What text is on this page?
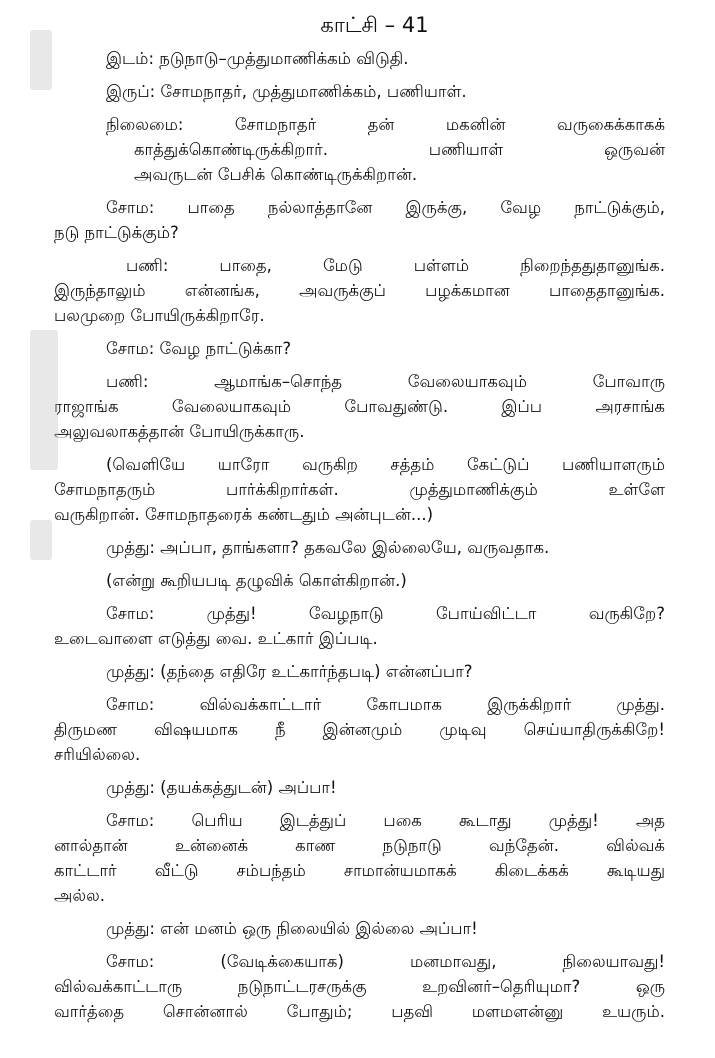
காட்சி – 41
இடம்: நடுநாடு–முத்துமாணிக்கம் விடுதி.
இருப்: சோமநாதர், முத்துமாணிக்கம், பணியாள்.
நிலைமை: சோமநாதர் தன் மகனின் வருகைக்காகக்
காத்துக்கொண்டிருக்கிறார். பணியாள் ஒருவன்
அவருடன் பேசிக் கொண்டிருக்கிறான்.
சோம: பாதை நல்லாத்தானே இருக்கு, வேழ நாட்டுக்கும்,
நடு நாட்டுக்கும்?
பணி: பாதை, மேடு பள்ளம் நிறைந்ததுதானுங்க.
இருந்தாலும் என்னங்க, அவருக்குப் பழக்கமான பாதைதானுங்க.
பலமுறை போயிருக்கிறாரே.
சோம: வேழ நாட்டுக்கா?
பணி: ஆமாங்க–சொந்த வேலையாகவும் போவாரு
ராஜாங்க வேலையாகவும் போவதுண்டு. இப்ப அரசாங்க
அலுவலாகத்தான் போயிருக்காரு.
(வெளியே யாரோ வருகிற சத்தம் கேட்டுப் பணியாளரும்
சோமநாதரும் பார்க்கிறார்கள். முத்துமாணிக்கும் உள்ளே
வருகிறான். சோமநாதரைக் கண்டதும் அன்புடன்...)
முத்து: அப்பா, தாங்களா? தகவலே இல்லையே, வருவதாக.
(என்று கூறியபடி தழுவிக் கொள்கிறான்.)
சோம: முத்து! வேழநாடு போய்விட்டா வருகிறே?
உடைவாளை எடுத்து வை. உட்கார் இப்படி.
முத்து: (தந்தை எதிரே உட்கார்ந்தபடி) என்னப்பா?
சோம: வில்வக்காட்டார் கோபமாக இருக்கிறார் முத்து.
திருமண விஷயமாக நீ இன்னமும் முடிவு செய்யாதிருக்கிறே!
சரியில்லை.
முத்து: (தயக்கத்துடன்) அப்பா!
சோம: பெரிய இடத்துப் பகை கூடாது முத்து! அத
னால்தான் உன்னைக் காண நடுநாடு வந்தேன். வில்வக்
காட்டார் வீட்டு சம்பந்தம் சாமான்யமாகக் கிடைக்கக் கூடியது
அல்ல.
முத்து: என் மனம் ஒரு நிலையில் இல்லை அப்பா!
சோம: (வேடிக்கையாக) மனமாவது, நிலையாவது!
வில்வக்காட்டாரு நடுநாட்டரசருக்கு உறவினர்–தெரியுமா? ஒரு
வார்த்தை சொன்னால் போதும்; பதவி மளமளன்னு உயரும்.
